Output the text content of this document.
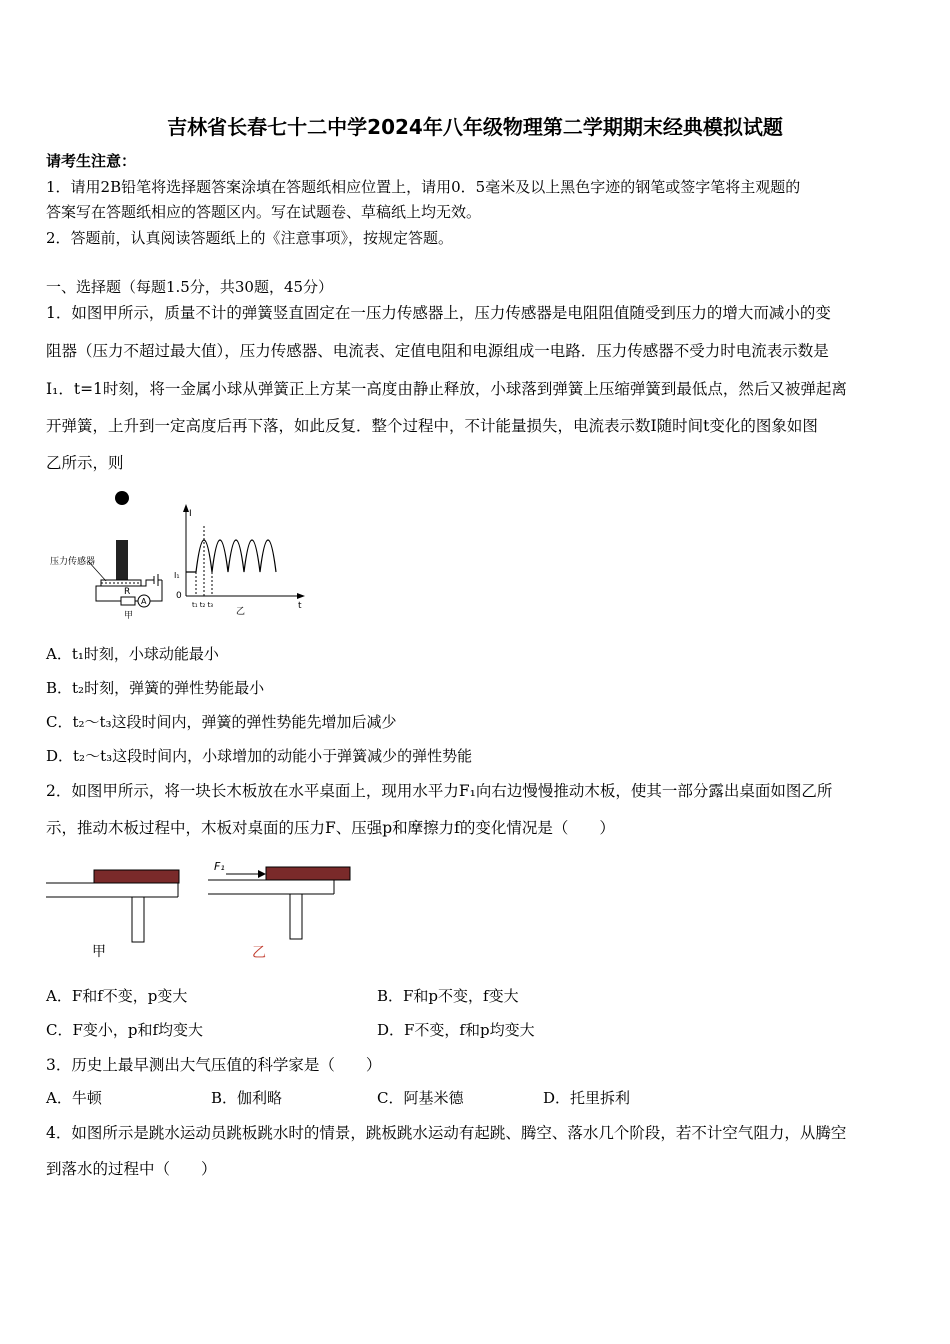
吉林省长春七十二中学2024年八年级物理第二学期期末经典模拟试题
请考生注意：
1．请用2B铅笔将选择题答案涂填在答题纸相应位置上，请用0．5毫米及以上黑色字迹的钢笔或签字笔将主观题的
答案写在答题纸相应的答题区内。写在试题卷、草稿纸上均无效。
2．答题前，认真阅读答题纸上的《注意事项》，按规定答题。
一、选择题（每题1.5分，共30题，45分）
1．如图甲所示，质量不计的弹簧竖直固定在一压力传感器上，压力传感器是电阻阻值随受到压力的增大而减小的变
阻器（压力不超过最大值），压力传感器、电流表、定值电阻和电源组成一电路．压力传感器不受力时电流表示数是
I₁．t=1时刻，将一金属小球从弹簧正上方某一高度由静止释放，小球落到弹簧上压缩弹簧到最低点，然后又被弹起离
开弹簧，上升到一定高度后再下落，如此反复．整个过程中，不计能量损失，电流表示数I随时间t变化的图象如图
乙所示，则
R
A
压力传感器
甲
I
t
0
I₁
t₁ t₂ t₃
乙
A．t₁时刻，小球动能最小
B．t₂时刻，弹簧的弹性势能最小
C．t₂～t₃这段时间内，弹簧的弹性势能先增加后减少
D．t₂～t₃这段时间内，小球增加的动能小于弹簧减少的弹性势能
2．如图甲所示，将一块长木板放在水平桌面上，现用水平力F₁向右边慢慢推动木板，使其一部分露出桌面如图乙所
示，推动木板过程中，木板对桌面的压力F、压强p和摩擦力f的变化情况是（　　）
甲
F₁
乙
A．F和f不变，p变大	B．F和p不变，f变大
C．F变小，p和f均变大	D．F不变，f和p均变大
3．历史上最早测出大气压值的科学家是（　　）
A．牛顿	B．伽利略	C．阿基米德	D．托里拆利
4．如图所示是跳水运动员跳板跳水时的情景，跳板跳水运动有起跳、腾空、落水几个阶段，若不计空气阻力，从腾空
到落水的过程中（　　）
